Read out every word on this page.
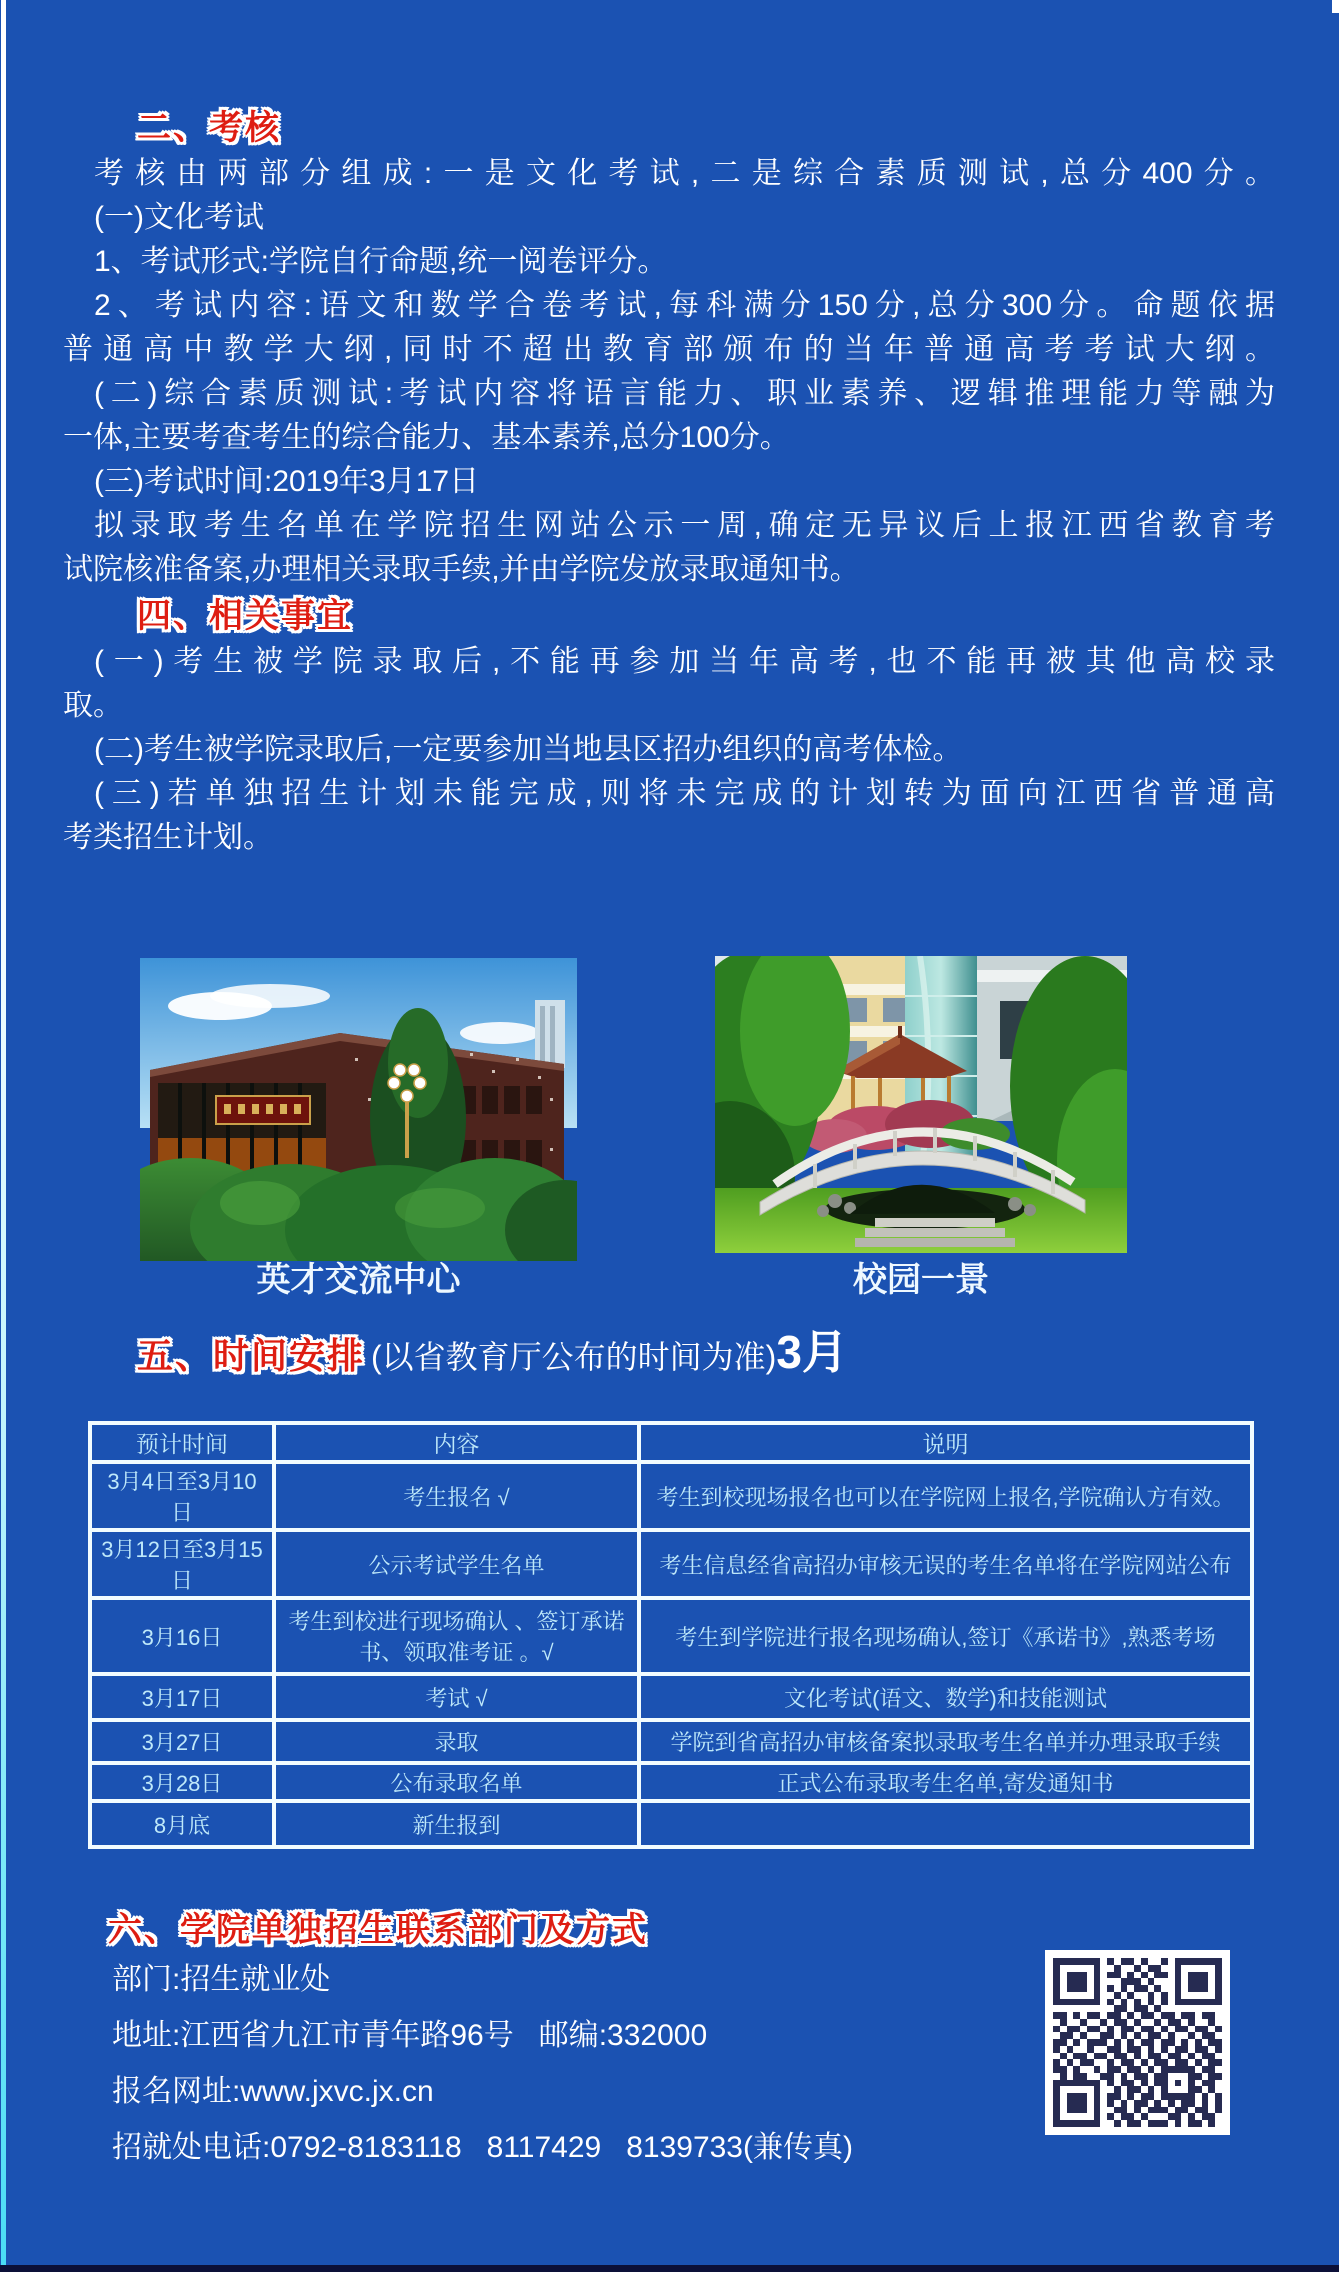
二、考核
考核由两部分组成:一是文化考试,二是综合素质测试,总分400分。
(一)文化考试
1、考试形式:学院自行命题,统一阅卷评分。
2、考试内容:语文和数学合卷考试,每科满分150分,总分300分。命题依据
普通高中教学大纲,同时不超出教育部颁布的当年普通高考考试大纲。
(二)综合素质测试:考试内容将语言能力、职业素养、逻辑推理能力等融为
一体,主要考查考生的综合能力、基本素养,总分100分。
(三)考试时间:2019年3月17日
拟录取考生名单在学院招生网站公示一周,确定无异议后上报江西省教育考
试院核准备案,办理相关录取手续,并由学院发放录取通知书。
四、相关事宜
(一)考生被学院录取后,不能再参加当年高考,也不能再被其他高校录
取。
(二)考生被学院录取后,一定要参加当地县区招办组织的高考体检。
(三)若单独招生计划未能完成,则将未完成的计划转为面向江西省普通高
考类招生计划。
英才交流中心	校园一景
五、时间安排 (以省教育厅公布的时间为准)3月
预计时间	内容	说明
3月4日至3月10日	考生报名 √	考生到校现场报名也可以在学院网上报名,学院确认方有效。
3月12日至3月15日	公示考试学生名单	考生信息经省高招办审核无误的考生名单将在学院网站公布
3月16日	考生到校进行现场确认 、签订承诺书、领取准考证 。√	考生到学院进行报名现场确认,签订《承诺书》,熟悉考场
3月17日	考试 √	文化考试(语文、数学)和技能测试
3月27日	录取	学院到省高招办审核备案拟录取考生名单并办理录取手续
3月28日	公布录取名单	正式公布录取考生名单,寄发通知书
8月底	新生报到	
六、学院单独招生联系部门及方式
部门:招生就业处
地址:江西省九江市青年路96号   邮编:332000
报名网址:www.jxvc.jx.cn
招就处电话:0792-8183118   8117429   8139733(兼传真)
